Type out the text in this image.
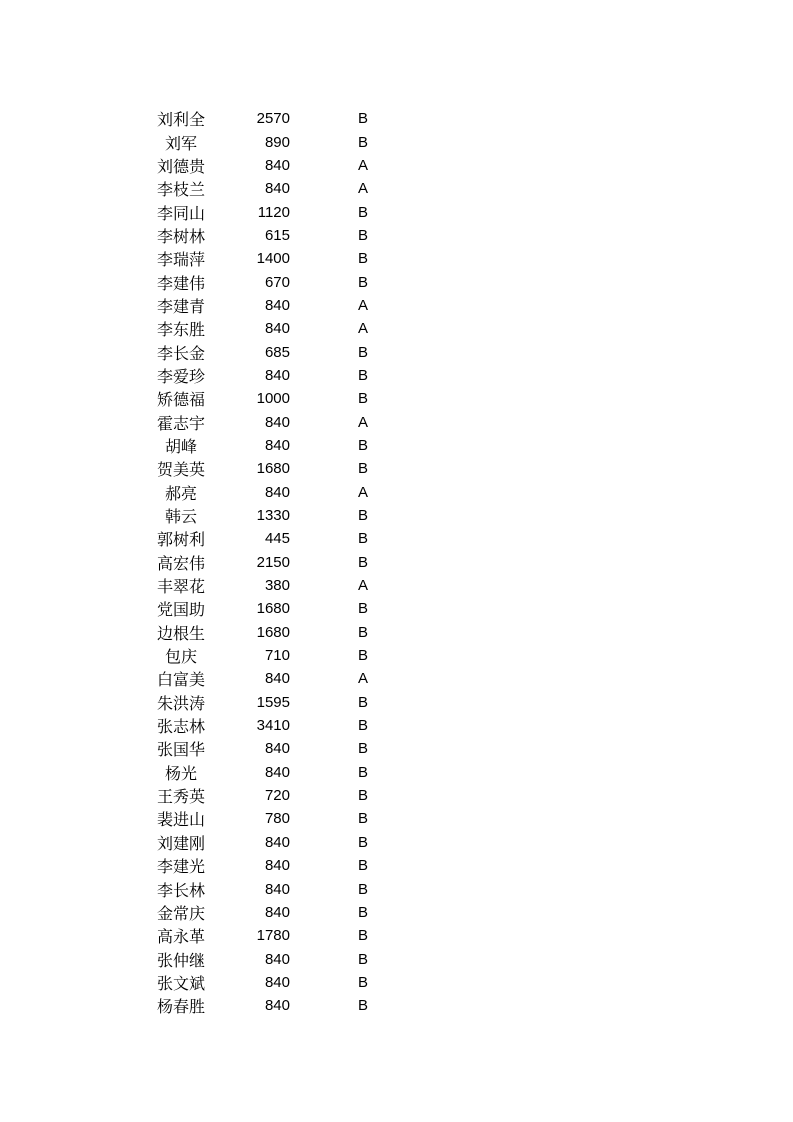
刘利全	2570	B
刘军	890	B
刘德贵	840	A
李枝兰	840	A
李同山	1120	B
李树林	615	B
李瑞萍	1400	B
李建伟	670	B
李建青	840	A
李东胜	840	A
李长金	685	B
李爱珍	840	B
矫德福	1000	B
霍志宇	840	A
胡峰	840	B
贺美英	1680	B
郝亮	840	A
韩云	1330	B
郭树利	445	B
高宏伟	2150	B
丰翠花	380	A
党国助	1680	B
边根生	1680	B
包庆	710	B
白富美	840	A
朱洪涛	1595	B
张志林	3410	B
张国华	840	B
杨光	840	B
王秀英	720	B
裴进山	780	B
刘建刚	840	B
李建光	840	B
李长林	840	B
金常庆	840	B
高永革	1780	B
张仲继	840	B
张文斌	840	B
杨春胜	840	B
